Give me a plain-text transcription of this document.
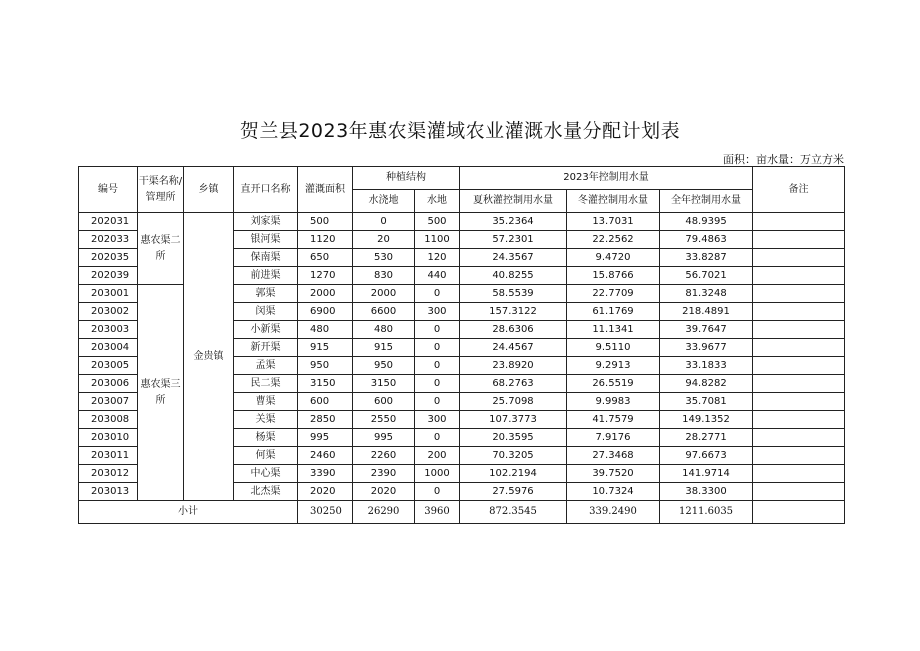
贺兰县2023年惠农渠灌域农业灌溉水量分配计划表
面积：亩水量：万立方米
编号	干渠名称/管理所	乡镇	直开口名称	灌溉面积	种植结构		2023年控制用水量			备注
					水浇地	水地	夏秋灌控制用水量	冬灌控制用水量	全年控制用水量	
202031	惠农渠二所	金贵镇	刘家渠	500	0	500	35.2364	13.7031	48.9395	
202033			银河渠	1120	20	1100	57.2301	22.2562	79.4863	
202035			保南渠	650	530	120	24.3567	9.4720	33.8287	
202039			前进渠	1270	830	440	40.8255	15.8766	56.7021	
203001	惠农渠三所		郭渠	2000	2000	0	58.5539	22.7709	81.3248	
203002			闵渠	6900	6600	300	157.3122	61.1769	218.4891	
203003			小新渠	480	480	0	28.6306	11.1341	39.7647	
203004			新开渠	915	915	0	24.4567	9.5110	33.9677	
203005			孟渠	950	950	0	23.8920	9.2913	33.1833	
203006			民二渠	3150	3150	0	68.2763	26.5519	94.8282	
203007			曹渠	600	600	0	25.7098	9.9983	35.7081	
203008			关渠	2850	2550	300	107.3773	41.7579	149.1352	
203010			杨渠	995	995	0	20.3595	7.9176	28.2771	
203011			何渠	2460	2260	200	70.3205	27.3468	97.6673	
203012			中心渠	3390	2390	1000	102.2194	39.7520	141.9714	
203013			北杰渠	2020	2020	0	27.5976	10.7324	38.3300	
小计				30250	26290	3960	872.3545	339.2490	1211.6035	
